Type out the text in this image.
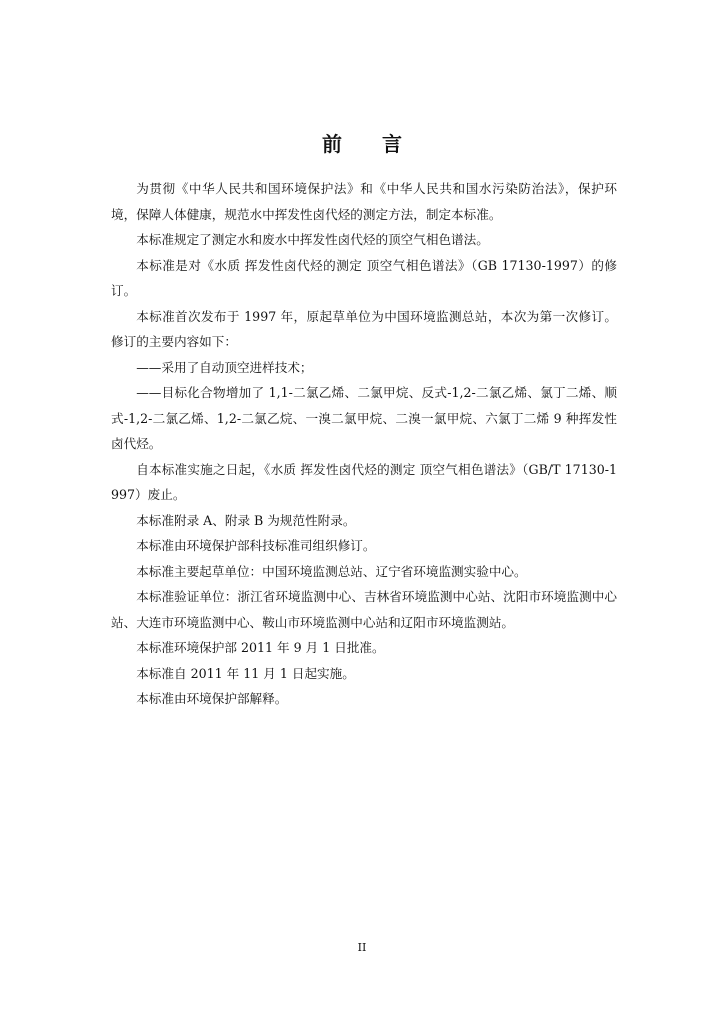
前 言

为贯彻《中华人民共和国环境保护法》和《中华人民共和国水污染防治法》，保护环境，保障人体健康，规范水中挥发性卤代烃的测定方法，制定本标准。

本标准规定了测定水和废水中挥发性卤代烃的顶空气相色谱法。

本标准是对《水质 挥发性卤代烃的测定 顶空气相色谱法》（GB 17130-1997）的修订。

本标准首次发布于 1997 年，原起草单位为中国环境监测总站，本次为第一次修订。修订的主要内容如下：

——采用了自动顶空进样技术；

——目标化合物增加了 1,1-二氯乙烯、二氯甲烷、反式-1,2-二氯乙烯、氯丁二烯、顺式-1,2-二氯乙烯、1,2-二氯乙烷、一溴二氯甲烷、二溴一氯甲烷、六氯丁二烯 9 种挥发性卤代烃。

自本标准实施之日起，《水质 挥发性卤代烃的测定 顶空气相色谱法》（GB/T 17130-1997）废止。

本标准附录 A、附录 B 为规范性附录。

本标准由环境保护部科技标准司组织修订。

本标准主要起草单位：中国环境监测总站、辽宁省环境监测实验中心。

本标准验证单位：浙江省环境监测中心、吉林省环境监测中心站、沈阳市环境监测中心站、大连市环境监测中心、鞍山市环境监测中心站和辽阳市环境监测站。

本标准环境保护部 2011 年 9 月 1 日批准。

本标准自 2011 年 11 月 1 日起实施。

本标准由环境保护部解释。

II
